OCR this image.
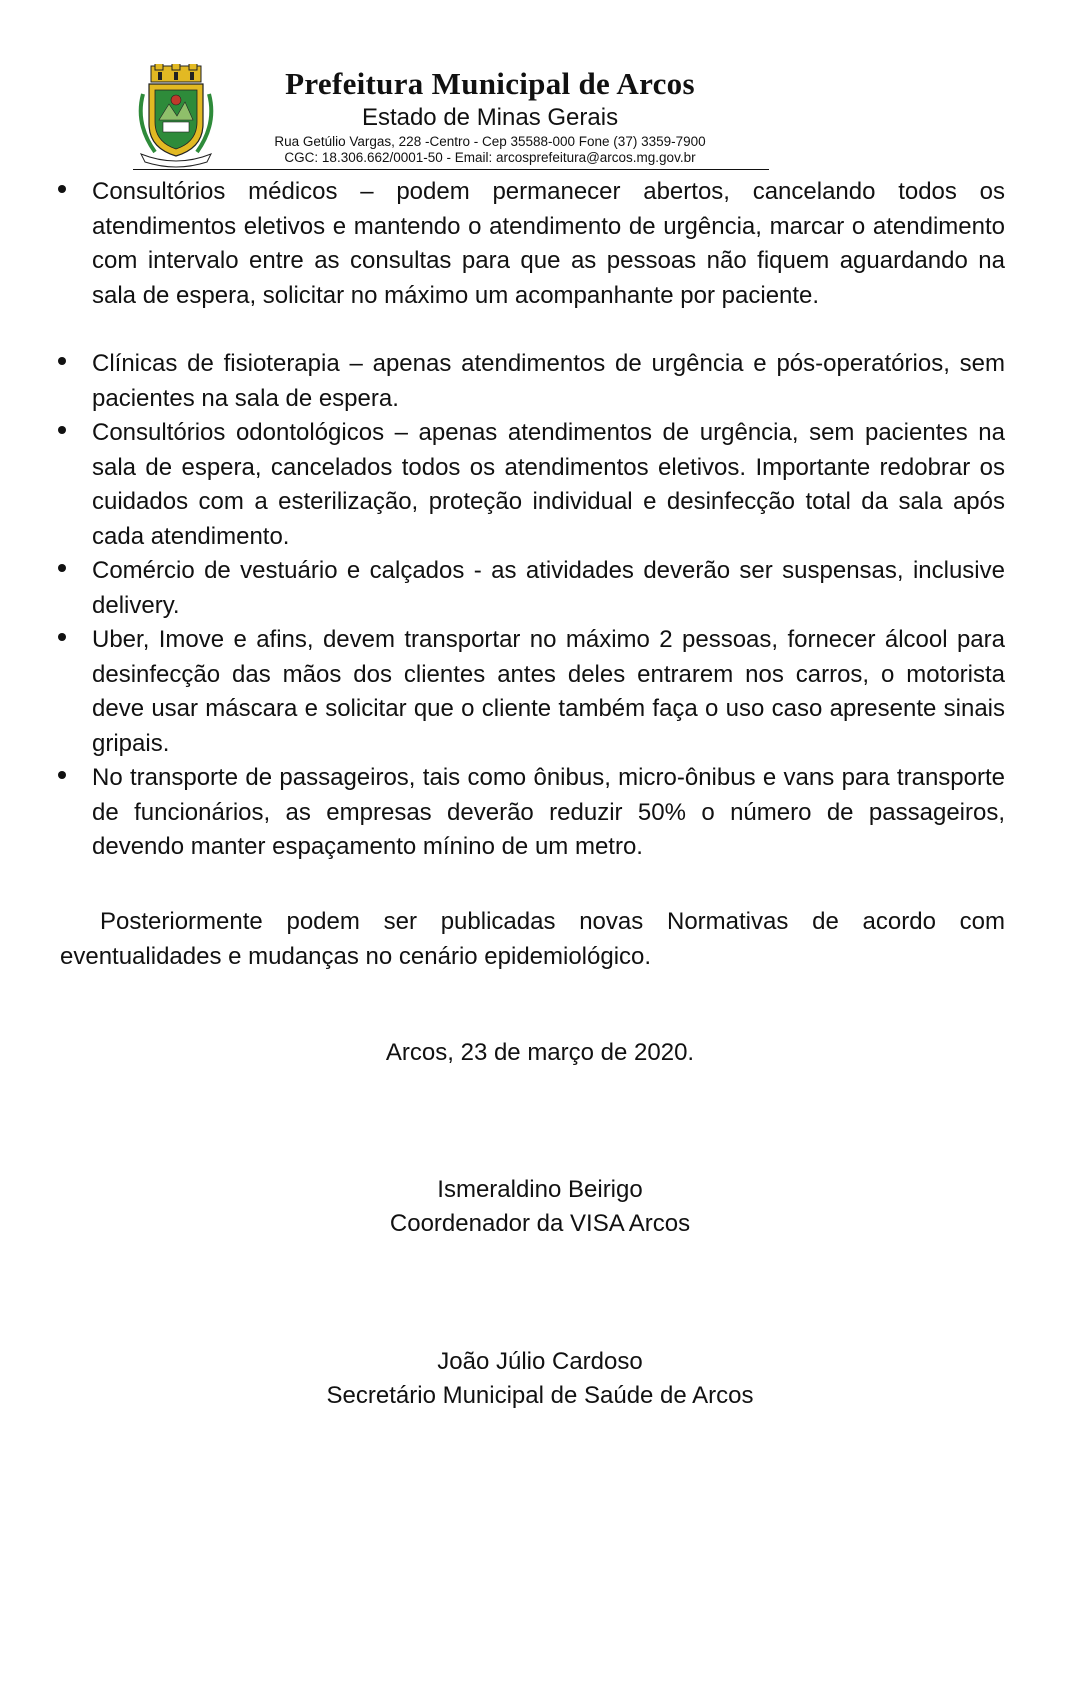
Prefeitura Municipal de Arcos
Estado de Minas Gerais
Rua Getúlio Vargas, 228 -Centro - Cep 35588-000 Fone (37) 3359-7900
CGC: 18.306.662/0001-50 - Email: arcosprefeitura@arcos.mg.gov.br
Consultórios médicos – podem permanecer abertos, cancelando todos os atendimentos eletivos e mantendo o atendimento de urgência, marcar o atendimento com intervalo entre as consultas para que as pessoas não fiquem aguardando na sala de espera, solicitar no máximo um acompanhante por paciente.
Clínicas de fisioterapia – apenas atendimentos de urgência e pós-operatórios, sem pacientes na sala de espera.
Consultórios odontológicos – apenas atendimentos de urgência, sem pacientes na sala de espera, cancelados todos os atendimentos eletivos. Importante redobrar os cuidados com a esterilização, proteção individual e desinfecção total da sala após cada atendimento.
Comércio de vestuário e calçados - as atividades deverão ser suspensas, inclusive delivery.
Uber, Imove e afins, devem transportar no máximo 2 pessoas, fornecer álcool para desinfecção das mãos dos clientes antes deles entrarem nos carros, o motorista deve usar máscara e solicitar que o cliente também faça o uso caso apresente sinais gripais.
No transporte de passageiros, tais como ônibus, micro-ônibus e vans para transporte de funcionários, as empresas deverão reduzir 50% o número de passageiros, devendo manter espaçamento mínino de um metro.

Posteriormente podem ser publicadas novas Normativas de acordo com eventualidades e mudanças no cenário epidemiológico.

Arcos, 23 de março de 2020.
Ismeraldino Beirigo
Coordenador da VISA Arcos
João Júlio Cardoso
Secretário Municipal de Saúde de Arcos
